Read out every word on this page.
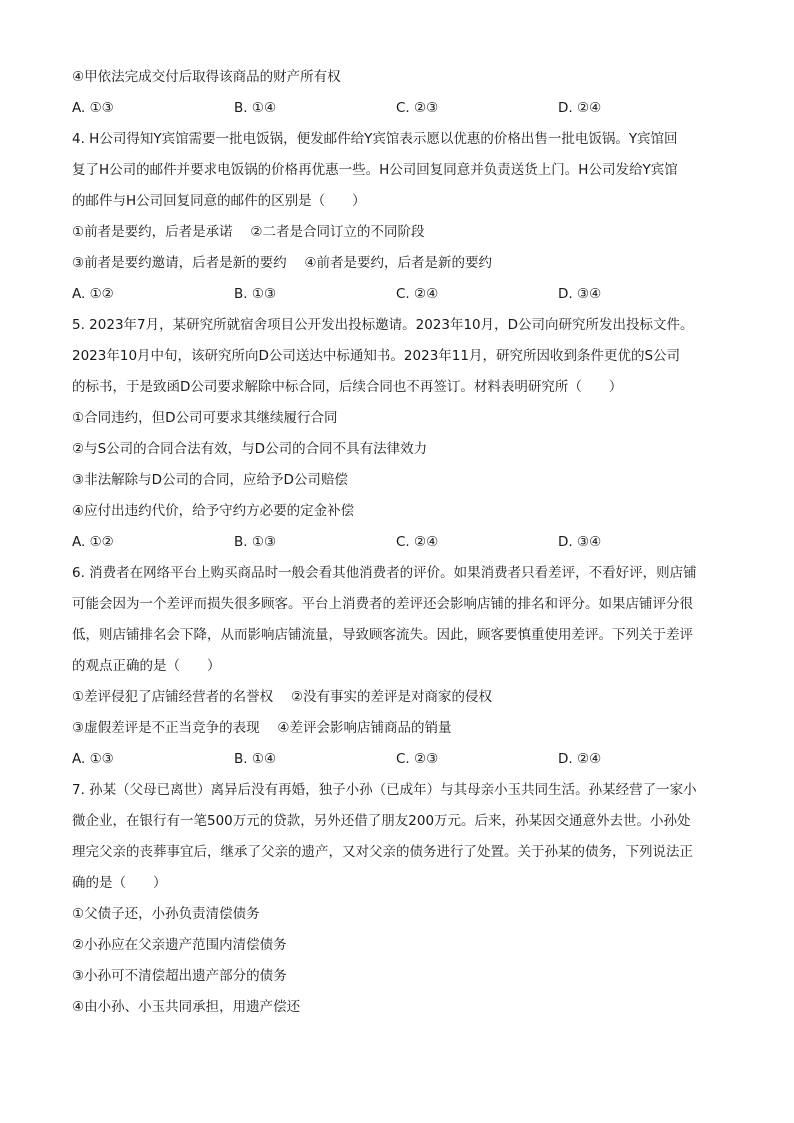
④甲依法完成交付后取得该商品的财产所有权
A. ①③	B. ①④	C. ②③	D. ②④
4. H公司得知Y宾馆需要一批电饭锅，便发邮件给Y宾馆表示愿以优惠的价格出售一批电饭锅。Y宾馆回
复了H公司的邮件并要求电饭锅的价格再优惠一些。H公司回复同意并负责送货上门。H公司发给Y宾馆
的邮件与H公司回复同意的邮件的区别是（　　）
①前者是要约，后者是承诺　 ②二者是合同订立的不同阶段
③前者是要约邀请，后者是新的要约　 ④前者是要约，后者是新的要约
A. ①②	B. ①③	C. ②④	D. ③④
5. 2023年7月，某研究所就宿舍项目公开发出投标邀请。2023年10月，D公司向研究所发出投标文件。
2023年10月中旬，该研究所向D公司送达中标通知书。2023年11月，研究所因收到条件更优的S公司
的标书，于是致函D公司要求解除中标合同，后续合同也不再签订。材料表明研究所（　　）
①合同违约，但D公司可要求其继续履行合同
②与S公司的合同合法有效，与D公司的合同不具有法律效力
③非法解除与D公司的合同，应给予D公司赔偿
④应付出违约代价，给予守约方必要的定金补偿
A. ①②	B. ①③	C. ②④	D. ③④
6. 消费者在网络平台上购买商品时一般会看其他消费者的评价。如果消费者只看差评，不看好评，则店铺
可能会因为一个差评而损失很多顾客。平台上消费者的差评还会影响店铺的排名和评分。如果店铺评分很
低，则店铺排名会下降，从而影响店铺流量，导致顾客流失。因此，顾客要慎重使用差评。下列关于差评
的观点正确的是（　　）
①差评侵犯了店铺经营者的名誉权　 ②没有事实的差评是对商家的侵权
③虚假差评是不正当竞争的表现　 ④差评会影响店铺商品的销量
A. ①③	B. ①④	C. ②③	D. ②④
7. 孙某（父母已离世）离异后没有再婚，独子小孙（已成年）与其母亲小玉共同生活。孙某经营了一家小
微企业，在银行有一笔500万元的贷款，另外还借了朋友200万元。后来，孙某因交通意外去世。小孙处
理完父亲的丧葬事宜后，继承了父亲的遗产，又对父亲的债务进行了处置。关于孙某的债务，下列说法正
确的是（　　）
①父债子还，小孙负责清偿债务
②小孙应在父亲遗产范围内清偿债务
③小孙可不清偿超出遗产部分的债务
④由小孙、小玉共同承担，用遗产偿还
